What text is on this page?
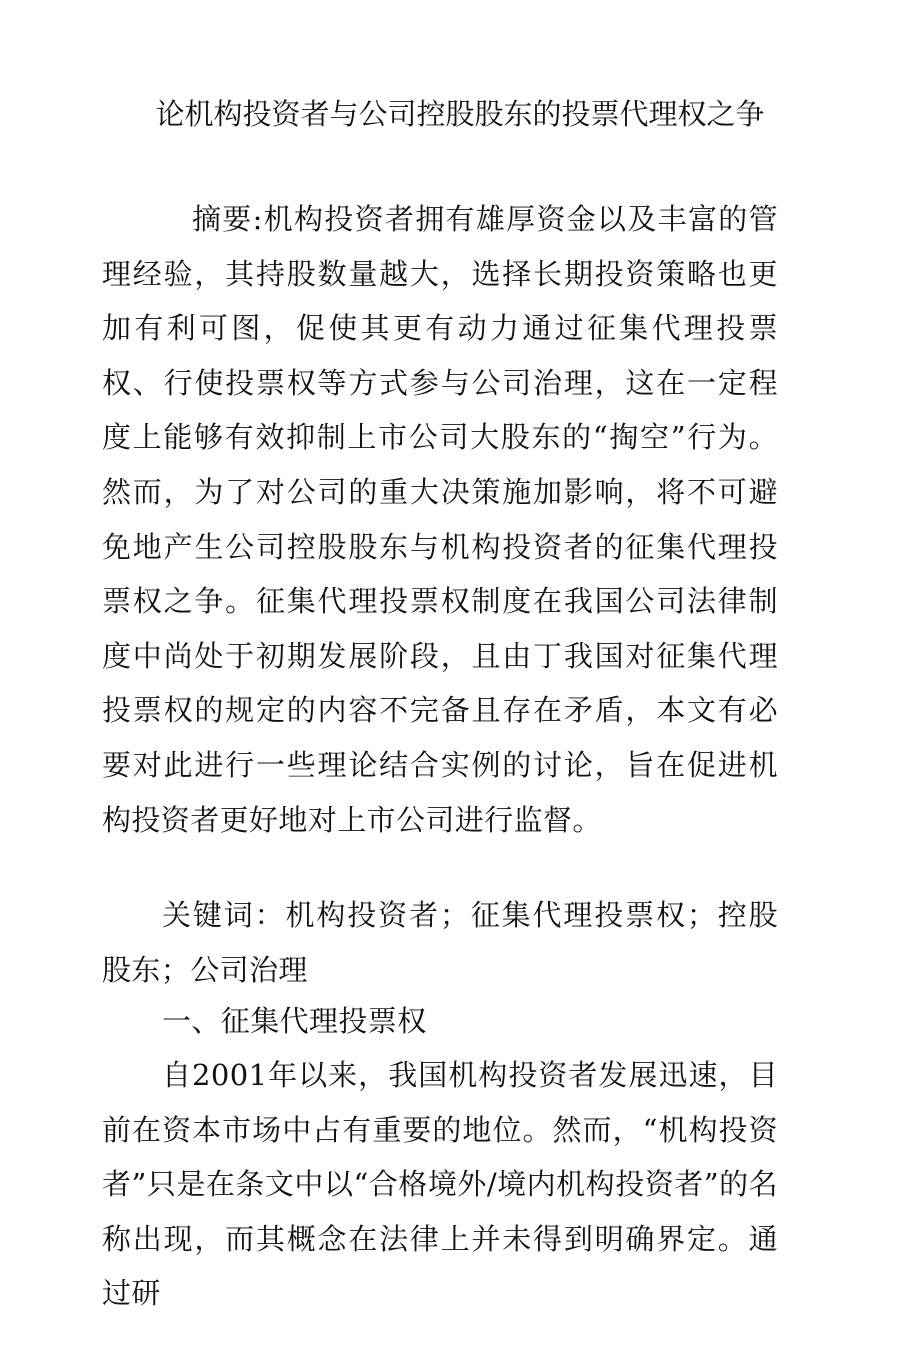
论机构投资者与公司控股股东的投票代理权之争
摘要:机构投资者拥有雄厚资金以及丰富的管理经验，其持股数量越大，选择长期投资策略也更加有利可图，促使其更有动力通过征集代理投票权、行使投票权等方式参与公司治理，这在一定程度上能够有效抑制上市公司大股东的“掏空”行为。然而，为了对公司的重大决策施加影响，将不可避免地产生公司控股股东与机构投资者的征集代理投票权之争。征集代理投票权制度在我国公司法律制度中尚处于初期发展阶段，且由丁我国对征集代理投票权的规定的内容不完备且存在矛盾，本文有必要对此进行一些理论结合实例的讨论，旨在促进机构投资者更好地对上市公司进行监督。
关键词：机构投资者；征集代理投票权；控股股东；公司治理
一、征集代理投票权
自2001年以来，我国机构投资者发展迅速，目前在资本市场中占有重要的地位。然而，“机构投资者”只是在条文中以“合格境外/境内机构投资者”的名称出现，而其概念在法律上并未得到明确界定。通过研
